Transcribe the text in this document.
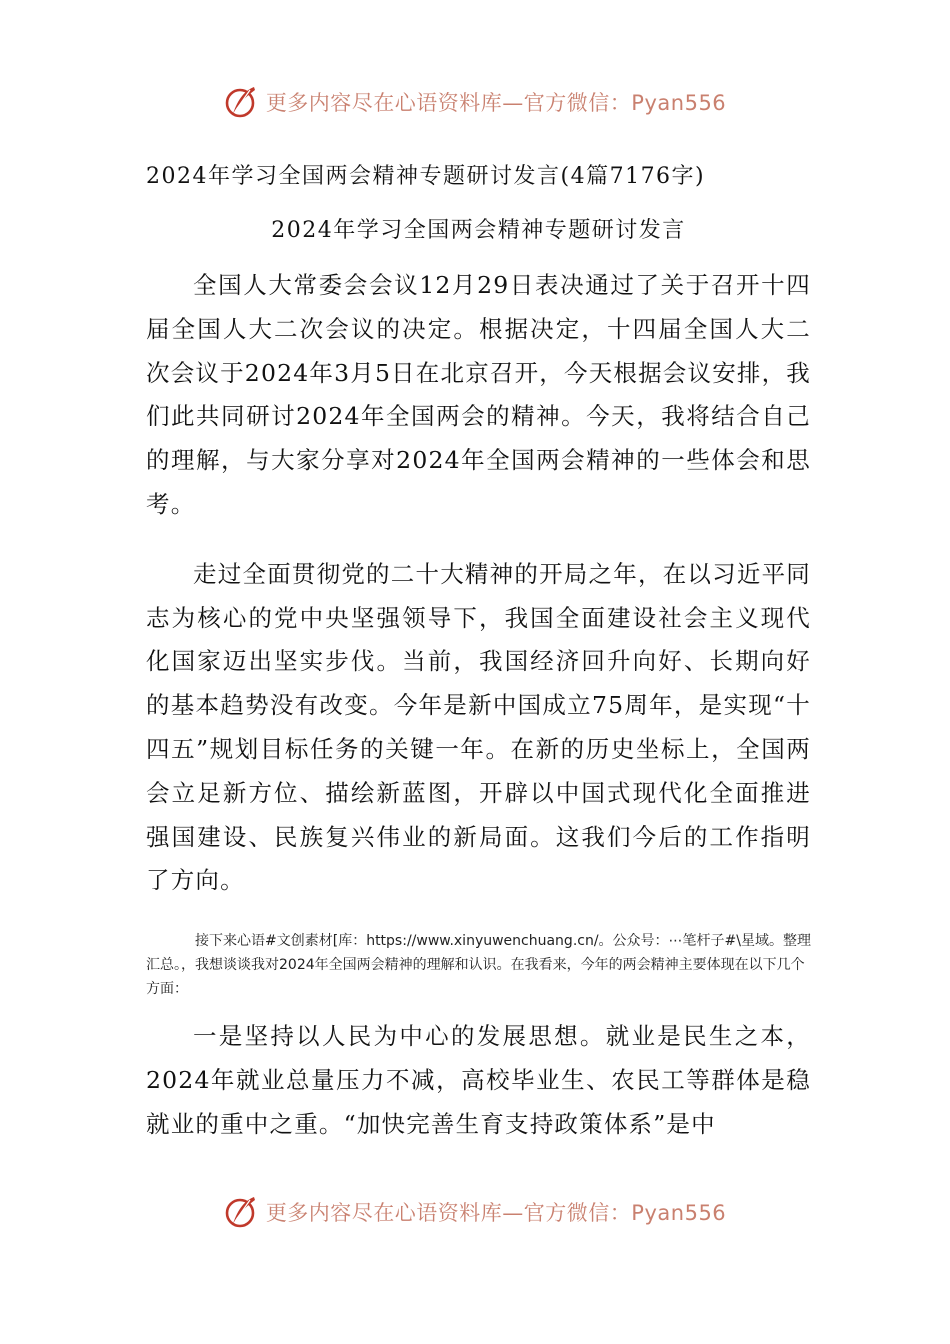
更多内容尽在心语资料库—官方微信：Pyan556
2024年学习全国两会精神专题研讨发言(4篇7176字)
2024年学习全国两会精神专题研讨发言

全国人大常委会会议12月29日表决通过了关于召开十四届全国人大二次会议的决定。根据决定，十四届全国人大二次会议于2024年3月5日在北京召开，今天根据会议安排，我们此共同研讨2024年全国两会的精神。今天，我将结合自己的理解，与大家分享对2024年全国两会精神的一些体会和思考。

走过全面贯彻党的二十大精神的开局之年，在以习近平同志为核心的党中央坚强领导下，我国全面建设社会主义现代化国家迈出坚实步伐。当前，我国经济回升向好、长期向好的基本趋势没有改变。今年是新中国成立75周年，是实现“十四五”规划目标任务的关键一年。在新的历史坐标上，全国两会立足新方位、描绘新蓝图，开辟以中国式现代化全面推进强国建设、民族复兴伟业的新局面。这我们今后的工作指明了方向。

接下来心语#文创素材[库：https://www.xinyuwenchuang.cn/。公众号：⋯笔杆子#\星域。整理汇总。，我想谈谈我对2024年全国两会精神的理解和认识。在我看来，今年的两会精神主要体现在以下几个方面：

一是坚持以人民为中心的发展思想。就业是民生之本，2024年就业总量压力不减，高校毕业生、农民工等群体是稳就业的重中之重。“加快完善生育支持政策体系”是中

更多内容尽在心语资料库—官方微信：Pyan556
